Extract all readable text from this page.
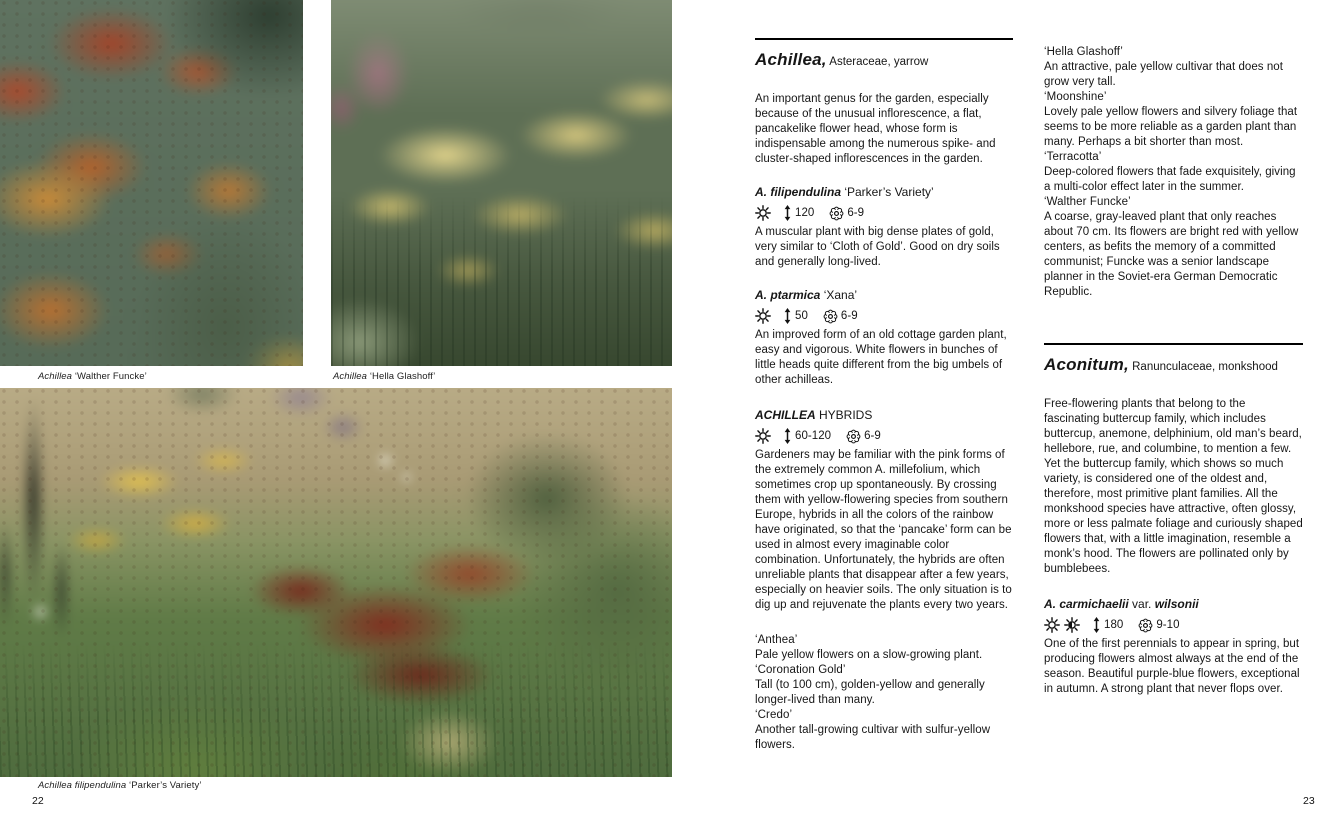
Achillea ‘Walther Funcke’	Achillea ‘Hella Glashoff’
Achillea filipendulina ‘Parker’s Variety’
22	23
Achillea, Asteraceae, yarrow

An important genus for the garden, especially because of the unusual inflorescence, a flat, pancakelike flower head, whose form is indispensable among the numerous spike- and cluster-shaped inflorescences in the garden.

A. filipendulina ‘Parker’s Variety’
120	6-9

A muscular plant with big dense plates of gold, very similar to ‘Cloth of Gold’. Good on dry soils and generally long-lived.

A. ptarmica ‘Xana’
50	6-9

An improved form of an old cottage garden plant, easy and vigorous. White flowers in bunches of little heads quite different from the big umbels of other achilleas.

ACHILLEA HYBRIDS
60-120	6-9

Gardeners may be familiar with the pink forms of the extremely common A. millefolium, which sometimes crop up spontaneously. By crossing them with yellow-flowering species from southern Europe, hybrids in all the colors of the rainbow have originated, so that the ‘pancake’ form can be used in almost every imaginable color combination. Unfortunately, the hybrids are often unreliable plants that disappear after a few years, especially on heavier soils. The only situation is to dig up and rejuvenate the plants every two years.

‘Anthea’

Pale yellow flowers on a slow-growing plant.

‘Coronation Gold’

Tall (to 100 cm), golden-yellow and generally longer-lived than many.

‘Credo’

Another tall-growing cultivar with sulfur-yellow flowers.

‘Hella Glashoff’

An attractive, pale yellow cultivar that does not grow very tall.

‘Moonshine’

Lovely pale yellow flowers and silvery foliage that seems to be more reliable as a garden plant than many. Perhaps a bit shorter than most.

‘Terracotta’

Deep-colored flowers that fade exquisitely, giving a multi-color effect later in the summer.

‘Walther Funcke’

A coarse, gray-leaved plant that only reaches about 70 cm. Its flowers are bright red with yellow centers, as befits the memory of a committed communist; Funcke was a senior landscape planner in the Soviet-era German Democratic Republic.

Aconitum, Ranunculaceae, monkshood

Free-flowering plants that belong to the fascinating buttercup family, which includes buttercup, anemone, delphinium, old man’s beard, hellebore, rue, and columbine, to mention a few. Yet the buttercup family, which shows so much variety, is considered one of the oldest and, therefore, most primitive plant families. All the monkshood species have attractive, often glossy, more or less palmate foliage and curiously shaped flowers that, with a little imagination, resemble a monk’s hood. The flowers are pollinated only by bumblebees.

A. carmichaelii var. wilsonii
180	9-10

One of the first perennials to appear in spring, but producing flowers almost always at the end of the season. Beautiful purple-blue flowers, exceptional in autumn. A strong plant that never flops over.
